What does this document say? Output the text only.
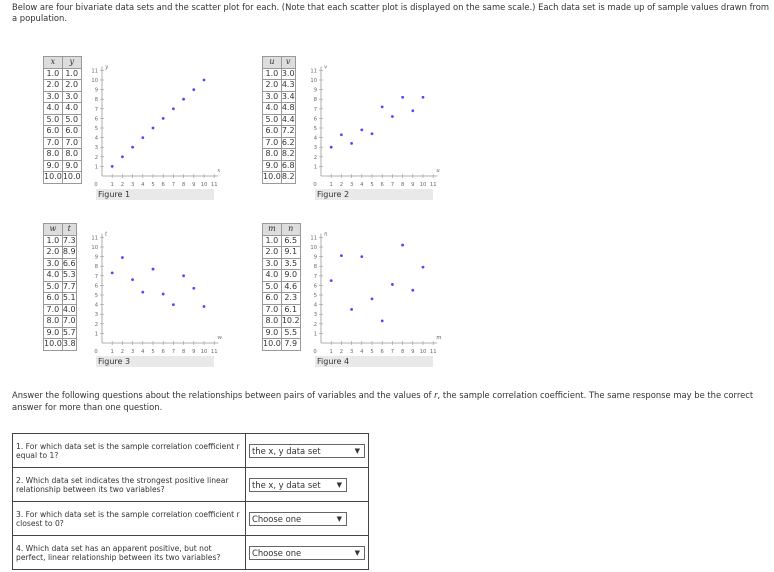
Below are four bivariate data sets and the scatter plot for each. (Note that each scatter plot is displayed on the same scale.) Each data set is made up of sample values drawn from a population.
x	y
1.0	1.0
2.0	2.0
3.0	3.0
4.0	4.0
5.0	5.0
6.0	6.0
7.0	7.0
8.0	8.0
9.0	9.0
10.0	10.0
0 1
1
2
2
3
3
4
4
5
5
6
6
7
7
8
8
9
9
10
10
11
11
x
y
Figure 1
u	v
1.0	3.0
2.0	4.3
3.0	3.4
4.0	4.8
5.0	4.4
6.0	7.2
7.0	6.2
8.0	8.2
9.0	6.8
10.0	8.2
0 1
1
2
2
3
3
4
4
5
5
6
6
7
7
8
8
9
9
10
10
11
11
u
v
Figure 2
w	t
1.0	7.3
2.0	8.9
3.0	6.6
4.0	5.3
5.0	7.7
6.0	5.1
7.0	4.0
8.0	7.0
9.0	5.7
10.0	3.8
0 1
1
2
2
3
3
4
4
5
5
6
6
7
7
8
8
9
9
10
10
11
11
w
t
Figure 3
m	n
1.0	6.5
2.0	9.1
3.0	3.5
4.0	9.0
5.0	4.6
6.0	2.3
7.0	6.1
8.0	10.2
9.0	5.5
10.0	7.9
0 1
1
2
2
3
3
4
4
5
5
6
6
7
7
8
8
9
9
10
10
11
11
m
n
Figure 4
Answer the following questions about the relationships between pairs of variables and the values of r, the sample correlation coefficient. The same response may be the correct answer for more than one question.
1. For which data set is the sample correlation coefficient r equal to 1?	the x, y data set ▼

2. Which data set indicates the strongest positive linear relationship between its two variables?	the x, y data set ▼

3. For which data set is the sample correlation coefficient r closest to 0?	Choose one ▼

4. Which data set has an apparent positive, but not perfect, linear relationship between its two variables?	Choose one ▼
